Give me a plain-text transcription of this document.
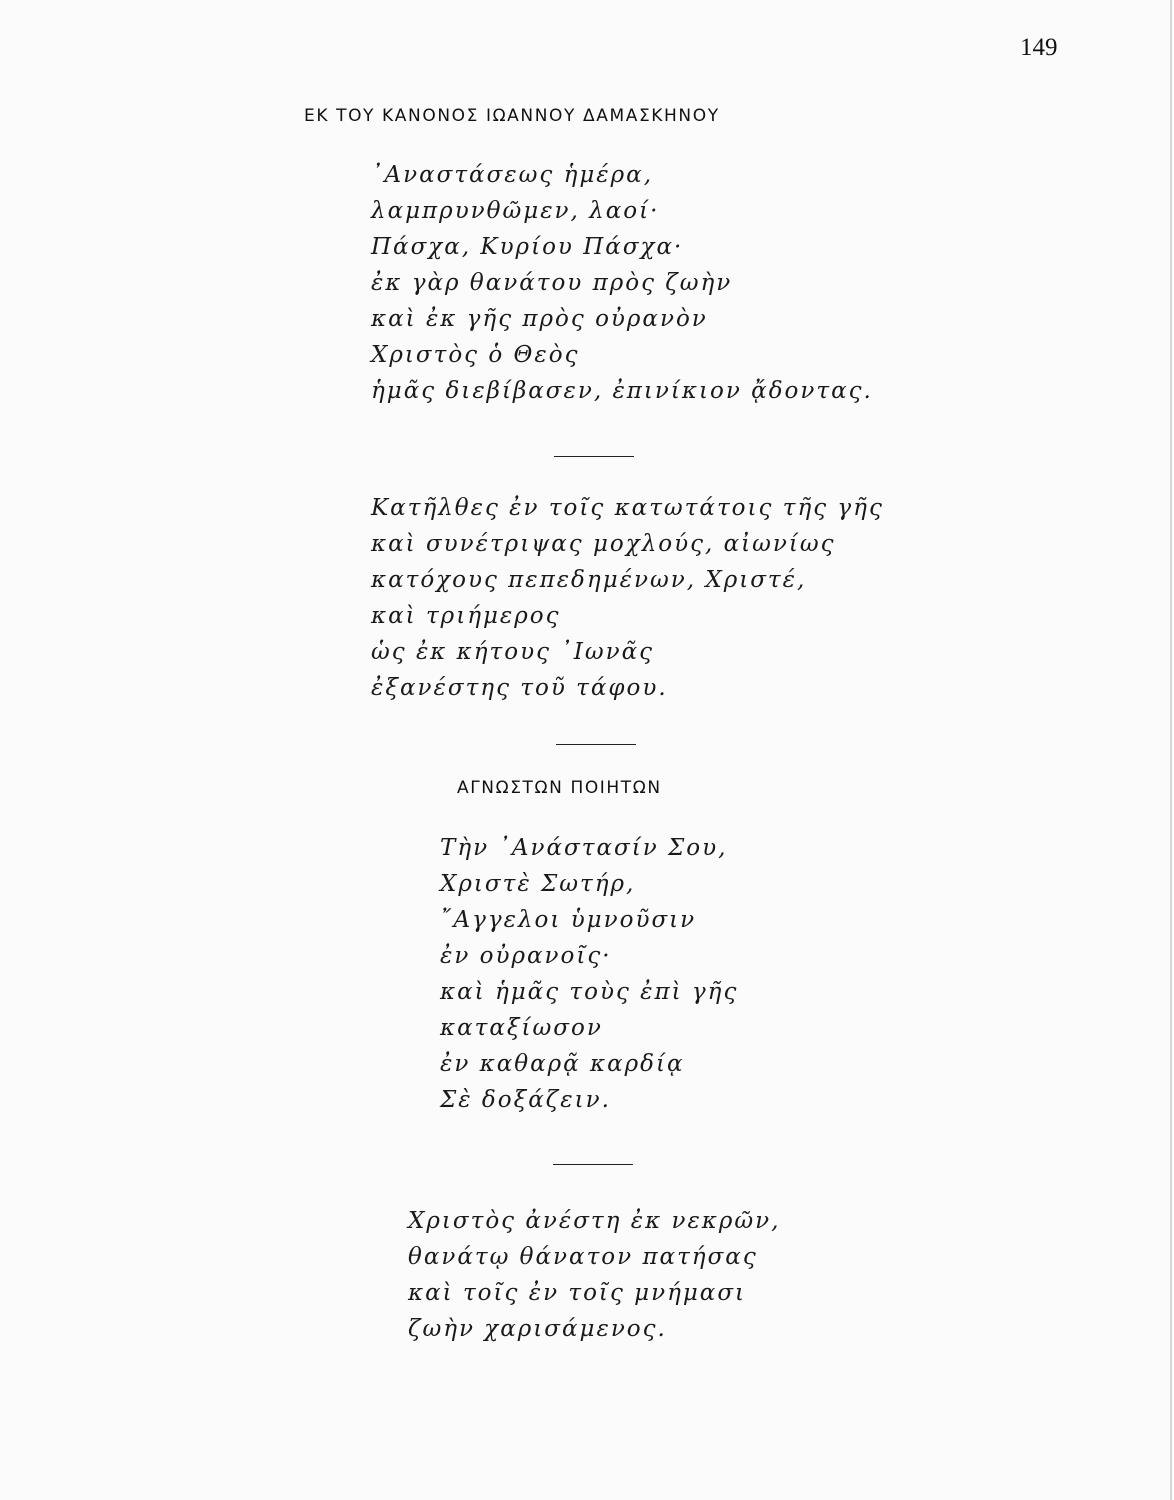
149
ΕΚ ΤΟΥ ΚΑΝΟΝΟΣ ΙΩΑΝΝΟΥ ΔΑΜΑΣΚΗΝΟΥ
᾿Αναστάσεως ἡμέρα,
λαμπρυνθῶμεν, λαοί·
Πάσχα, Κυρίου Πάσχα·
ἐκ γὰρ θανάτου πρὸς ζωὴν
καὶ ἐκ γῆς πρὸς οὐρανὸν
Χριστὸς ὁ Θεὸς
ἡμᾶς διεβίβασεν, ἐπινίκιον ᾄδοντας.
Κατῆλθες ἐν τοῖς κατωτάτοις τῆς γῆς
καὶ συνέτριψας μοχλούς, αἰωνίως
κατόχους πεπεδημένων, Χριστέ,
καὶ τριήμερος
ὡς ἐκ κήτους ᾿Ιωνᾶς
ἐξανέστης τοῦ τάφου.
ΑΓΝΩΣΤΩΝ ΠΟΙΗΤΩΝ
Τὴν ᾿Ανάστασίν Σου,
Χριστὲ Σωτήρ,
῎Αγγελοι ὑμνοῦσιν
ἐν οὐρανοῖς·
καὶ ἡμᾶς τοὺς ἐπὶ γῆς
καταξίωσον
ἐν καθαρᾷ καρδίᾳ
Σὲ δοξάζειν.
Χριστὸς ἀνέστη ἐκ νεκρῶν,
θανάτῳ θάνατον πατήσας
καὶ τοῖς ἐν τοῖς μνήμασι
ζωὴν χαρισάμενος.
